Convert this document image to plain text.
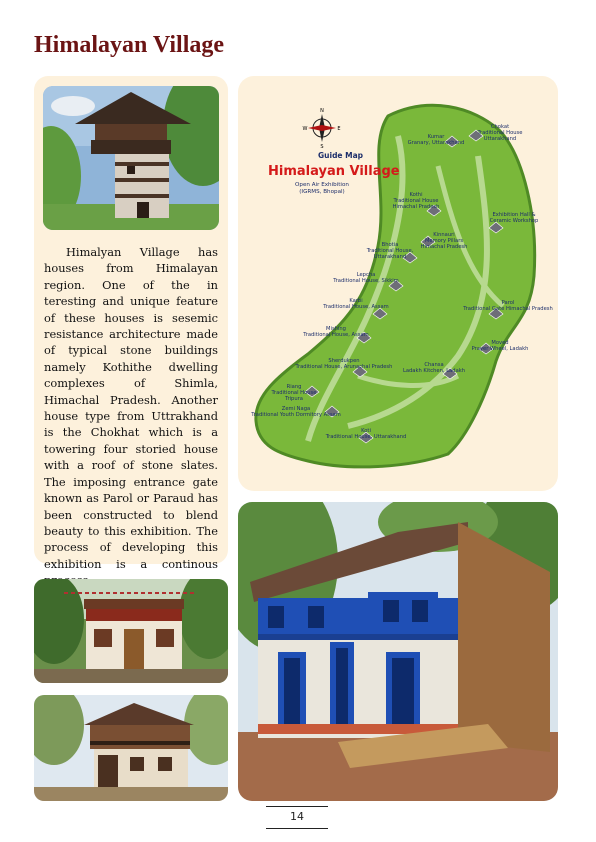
Himalayan Village

Himalyan Village has houses from Himalayan region. One of the in teresting and unique feature of these houses is sesemic resistance architecture made of typical stone buildings namely Kothithe dwelling complexes of Shimla, Himachal Pradesh. Another house type from Uttrakhand is the Chokhat which is a towering four storied house with a roof of stone slates. The imposing entrance gate known as Parol or Paraud has been constructed to blend beauty to this exhibition. The process of developing this exhibition is a continous

N
S
E
W
Guide Map
Himalayan Village
Open Air Exhibition
(IGRMS, Bhopal)
Chokat Traditional House Uttarakhand
Kumar Granary, Uttarakhand
Kothi Traditional House Himachal Pradesh
Exhibition Hall & Ceramic Workshop
Kinnauri Memory Pillars Himachal Pradesh
Bhotia Traditional House, Uttarakhand
Lepcha Traditional House, Sikkim
Parol Traditional Gate Himachal Pradesh
Karbi Traditional House, Assam
Mishing Traditional House, Assam
Moved Prayer Wheel, Ladakh
Sherdukpen Traditional House, Arunachal Pradesh	Chansa Ladakh Kitchen, Ladakh
Riang Traditional House Tripura
Zemi Naga Traditional Youth Dormitory Assam
Koti Traditional House, Uttarakhand
14
